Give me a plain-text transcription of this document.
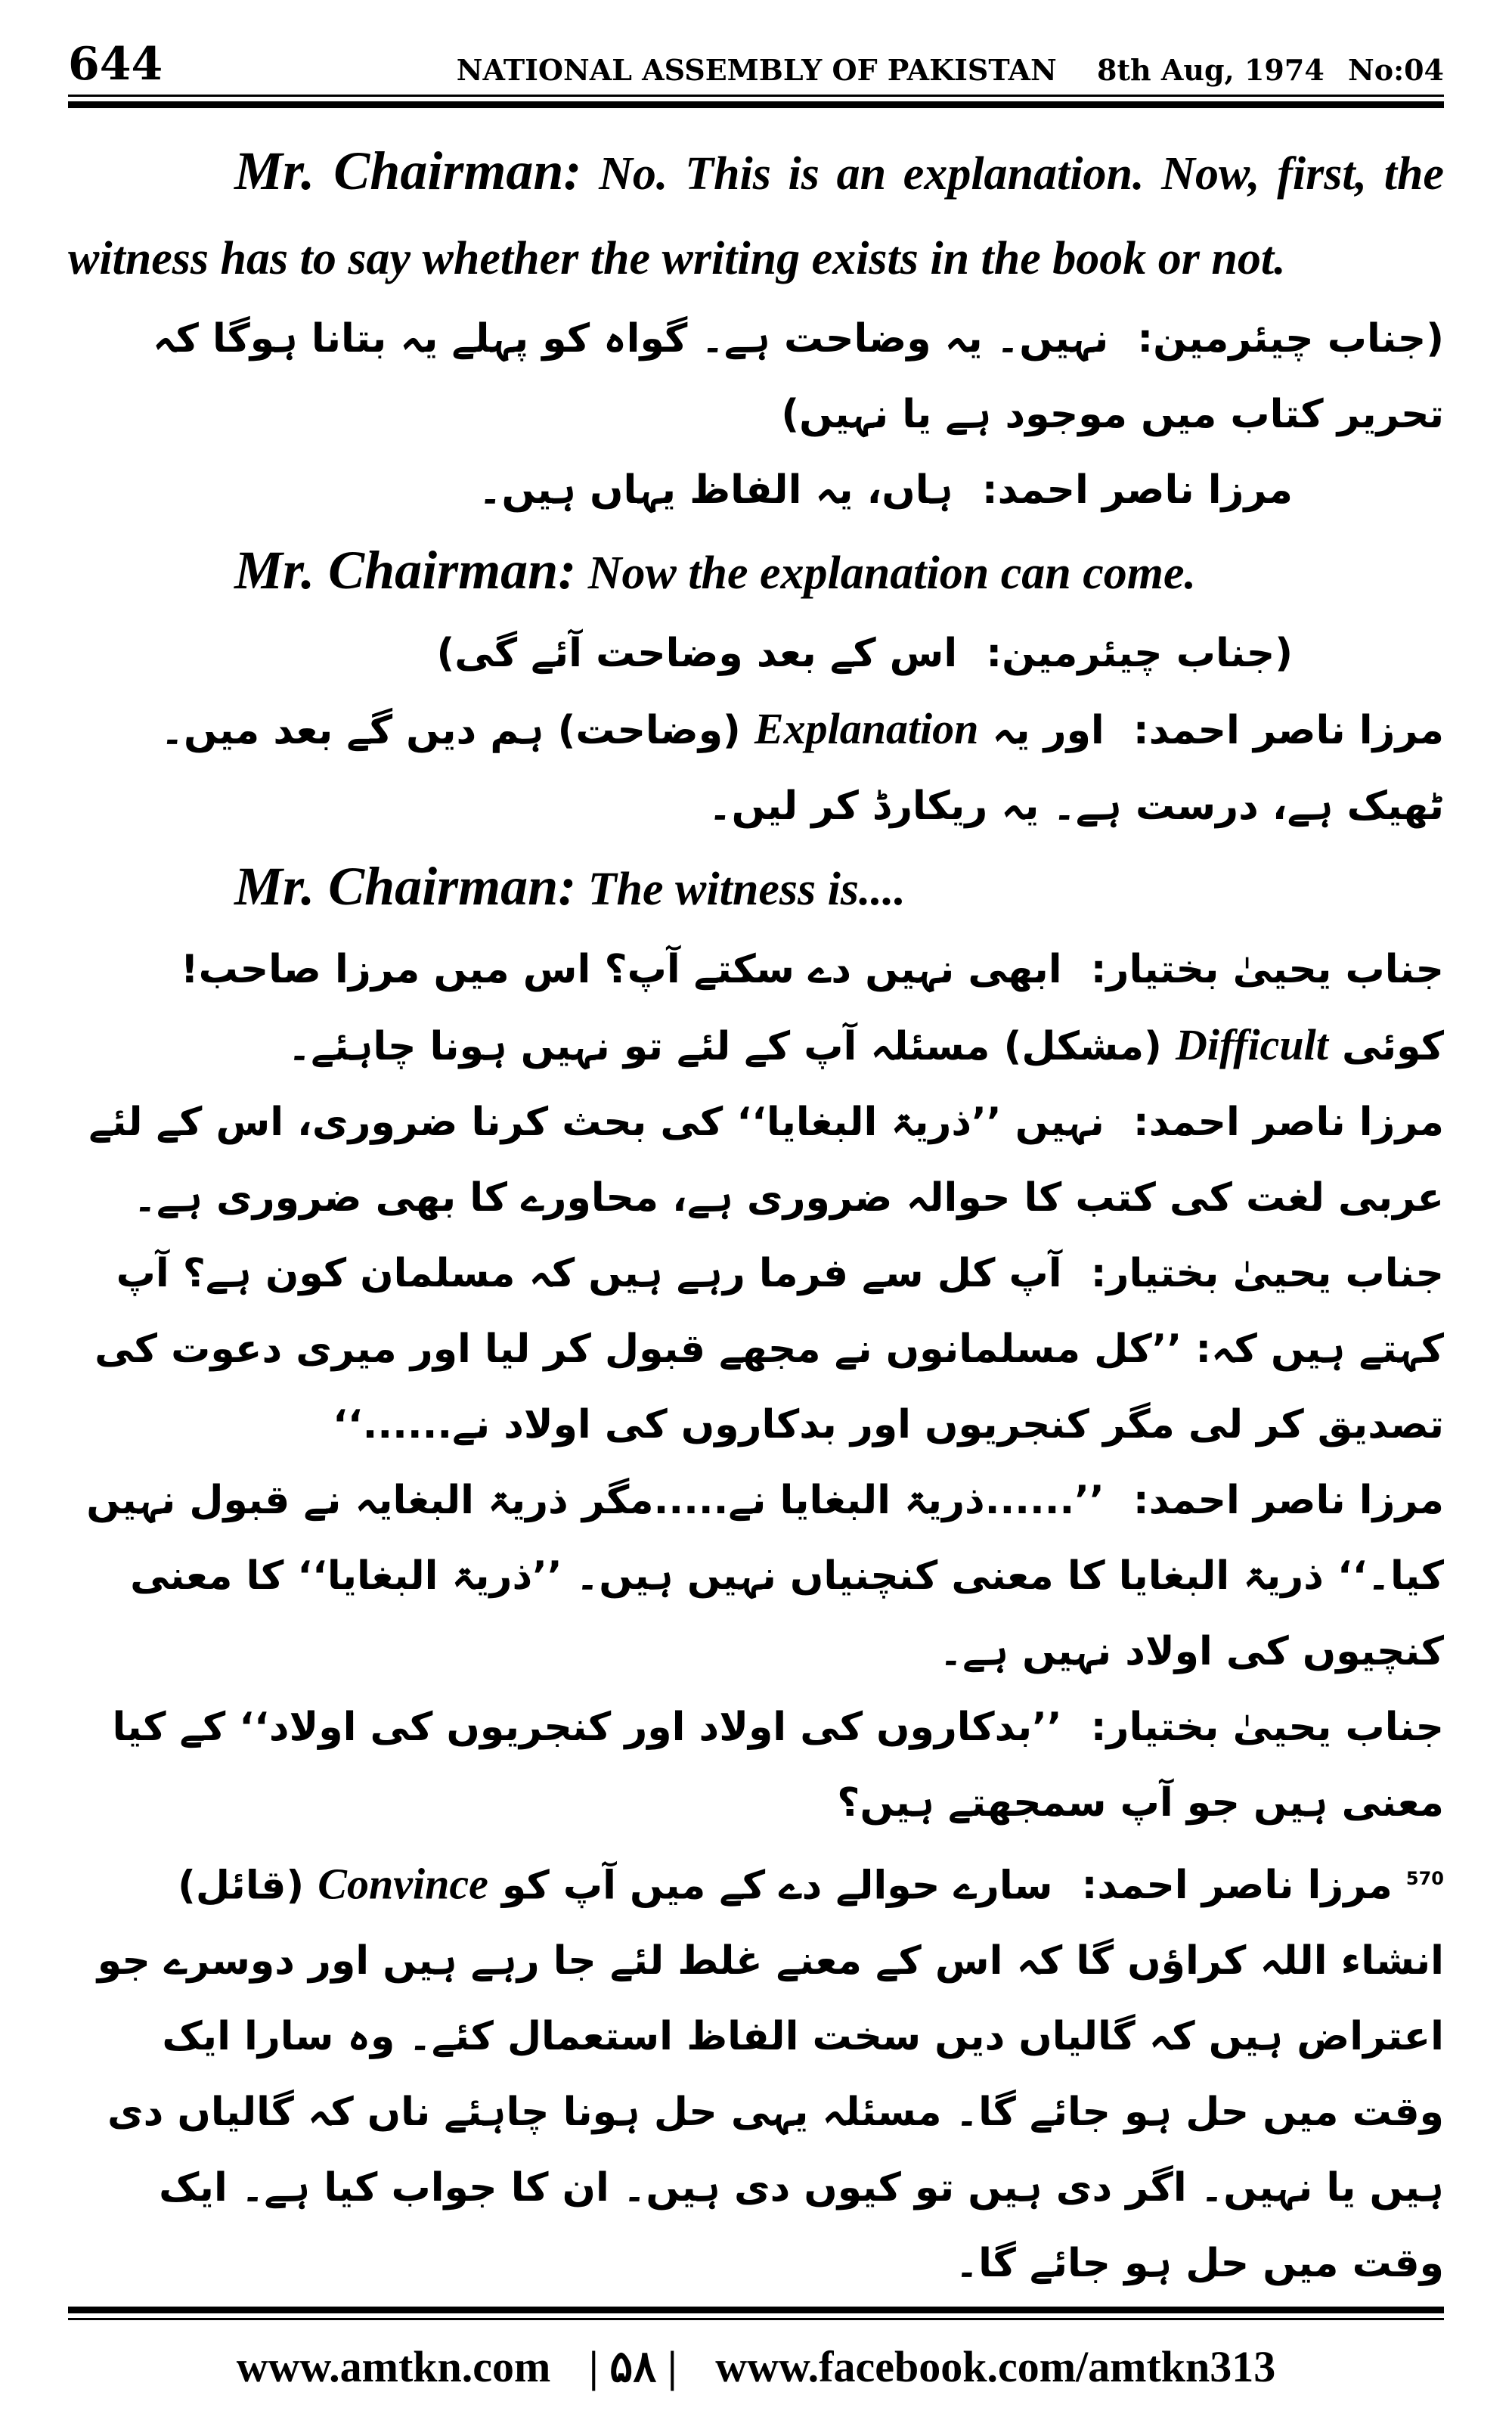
644	NATIONAL ASSEMBLY OF PAKISTAN 8th Aug, 1974 No:04

Mr. Chairman: No. This is an explanation. Now, first, the witness has to say whether the writing exists in the book or not.

(جناب چیئرمین: نہیں۔ یہ وضاحت ہے۔ گواہ کو پہلے یہ بتانا ہوگا کہ تحریر کتاب میں موجود ہے یا نہیں)

مرزا ناصر احمد: ہاں، یہ الفاظ یہاں ہیں۔

Mr. Chairman: Now the explanation can come.

(جناب چیئرمین: اس کے بعد وضاحت آئے گی)

مرزا ناصر احمد: اور یہ Explanation (وضاحت) ہم دیں گے بعد میں۔ ٹھیک ہے، درست ہے۔ یہ ریکارڈ کر لیں۔

Mr. Chairman: The witness is....

جناب یحییٰ بختیار: ابھی نہیں دے سکتے آپ؟ اس میں مرزا صاحب! کوئی Difficult (مشکل) مسئلہ آپ کے لئے تو نہیں ہونا چاہئے۔

مرزا ناصر احمد: نہیں ’’ذریۃ البغایا‘‘ کی بحث کرنا ضروری، اس کے لئے عربی لغت کی کتب کا حوالہ ضروری ہے، محاورے کا بھی ضروری ہے۔

جناب یحییٰ بختیار: آپ کل سے فرما رہے ہیں کہ مسلمان کون ہے؟ آپ کہتے ہیں کہ: ’’کل مسلمانوں نے مجھے قبول کر لیا اور میری دعوت کی تصدیق کر لی مگر کنجریوں اور بدکاروں کی اولاد نے......‘‘

مرزا ناصر احمد: ’’......ذریۃ البغایا نے.....مگر ذریۃ البغایہ نے قبول نہیں کیا۔‘‘ ذریۃ البغایا کا معنی کنچنیاں نہیں ہیں۔ ’’ذریۃ البغایا‘‘ کا معنی کنچیوں کی اولاد نہیں ہے۔

جناب یحییٰ بختیار: ’’بدکاروں کی اولاد اور کنجریوں کی اولاد‘‘ کے کیا معنی ہیں جو آپ سمجھتے ہیں؟

$^{570}$ مرزا ناصر احمد: سارے حوالے دے کے میں آپ کو Convince (قائل) انشاء اللہ کراؤں گا کہ اس کے معنے غلط لئے جا رہے ہیں اور دوسرے جو اعتراض ہیں کہ گالیاں دیں سخت الفاظ استعمال کئے۔ وہ سارا ایک وقت میں حل ہو جائے گا۔ مسئلہ یہی حل ہونا چاہئے ناں کہ گالیاں دی ہیں یا نہیں۔ اگر دی ہیں تو کیوں دی ہیں۔ ان کا جواب کیا ہے۔ ایک وقت میں حل ہو جائے گا۔

www.amtkn.com | ۵۸ | www.facebook.com/amtkn313
